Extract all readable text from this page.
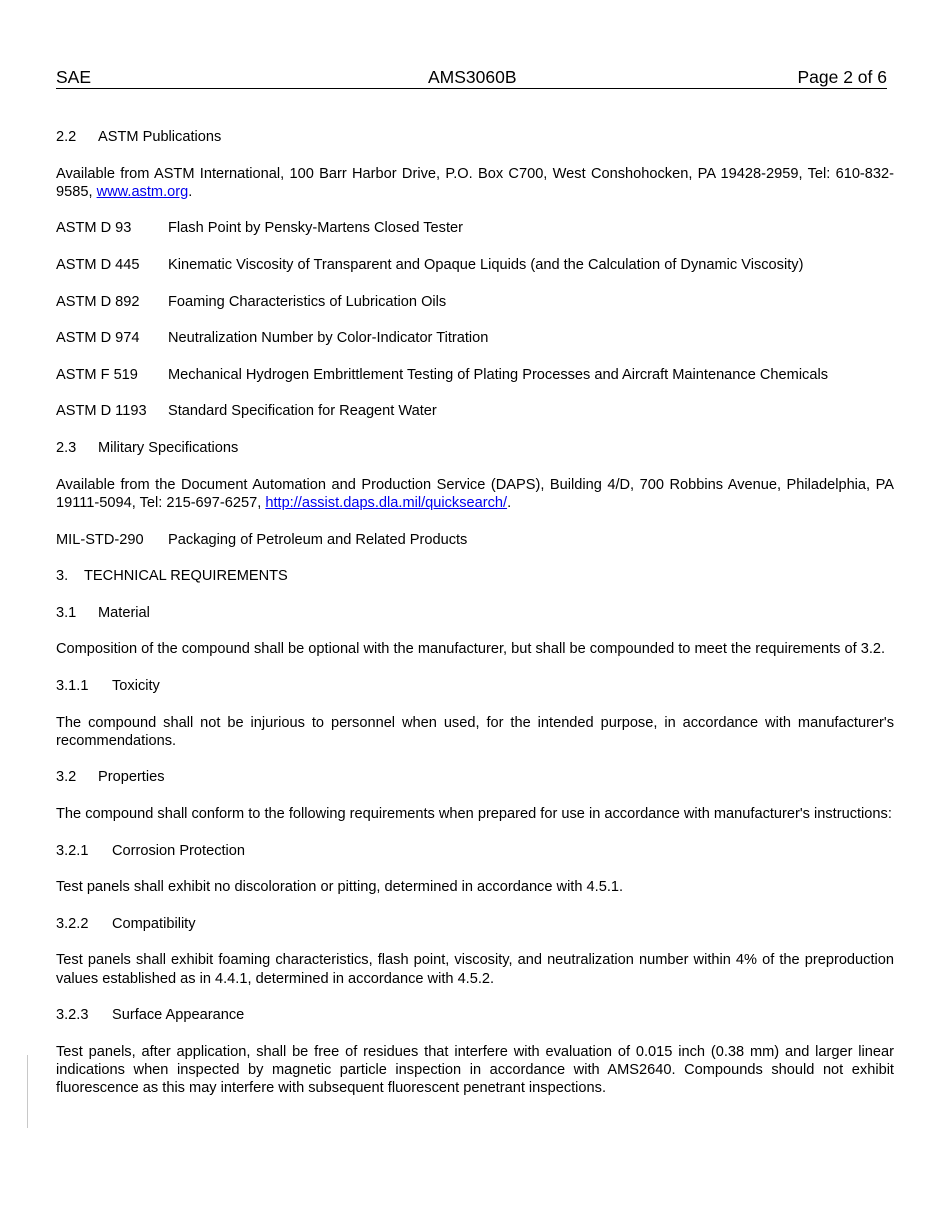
SAE	AMS3060B	Page 2 of 6
2.2 ASTM Publications
Available from ASTM International, 100 Barr Harbor Drive, P.O. Box C700, West Conshohocken, PA 19428-2959, Tel: 610-832-9585, www.astm.org.
ASTM D 93	Flash Point by Pensky-Martens Closed Tester
ASTM D 445 Kinematic Viscosity of Transparent and Opaque Liquids (and the Calculation of Dynamic Viscosity)
ASTM D 892 Foaming Characteristics of Lubrication Oils
ASTM D 974 Neutralization Number by Color-Indicator Titration
ASTM F 519 Mechanical Hydrogen Embrittlement Testing of Plating Processes and Aircraft Maintenance Chemicals
ASTM D 1193 Standard Specification for Reagent Water
2.3 Military Specifications
Available from the Document Automation and Production Service (DAPS), Building 4/D, 700 Robbins Avenue, Philadelphia, PA 19111-5094, Tel: 215-697-6257, http://assist.daps.dla.mil/quicksearch/.
MIL-STD-290 Packaging of Petroleum and Related Products
3. TECHNICAL REQUIREMENTS
3.1 Material
Composition of the compound shall be optional with the manufacturer, but shall be compounded to meet the requirements of 3.2.
3.1.1 Toxicity
The compound shall not be injurious to personnel when used, for the intended purpose, in accordance with manufacturer's recommendations.
3.2 Properties
The compound shall conform to the following requirements when prepared for use in accordance with manufacturer's instructions:
3.2.1 Corrosion Protection
Test panels shall exhibit no discoloration or pitting, determined in accordance with 4.5.1.
3.2.2 Compatibility
Test panels shall exhibit foaming characteristics, flash point, viscosity, and neutralization number within 4% of the preproduction values established as in 4.4.1, determined in accordance with 4.5.2.
3.2.3 Surface Appearance
Test panels, after application, shall be free of residues that interfere with evaluation of 0.015 inch (0.38 mm) and larger linear indications when inspected by magnetic particle inspection in accordance with AMS2640. Compounds should not exhibit fluorescence as this may interfere with subsequent fluorescent penetrant inspections.
